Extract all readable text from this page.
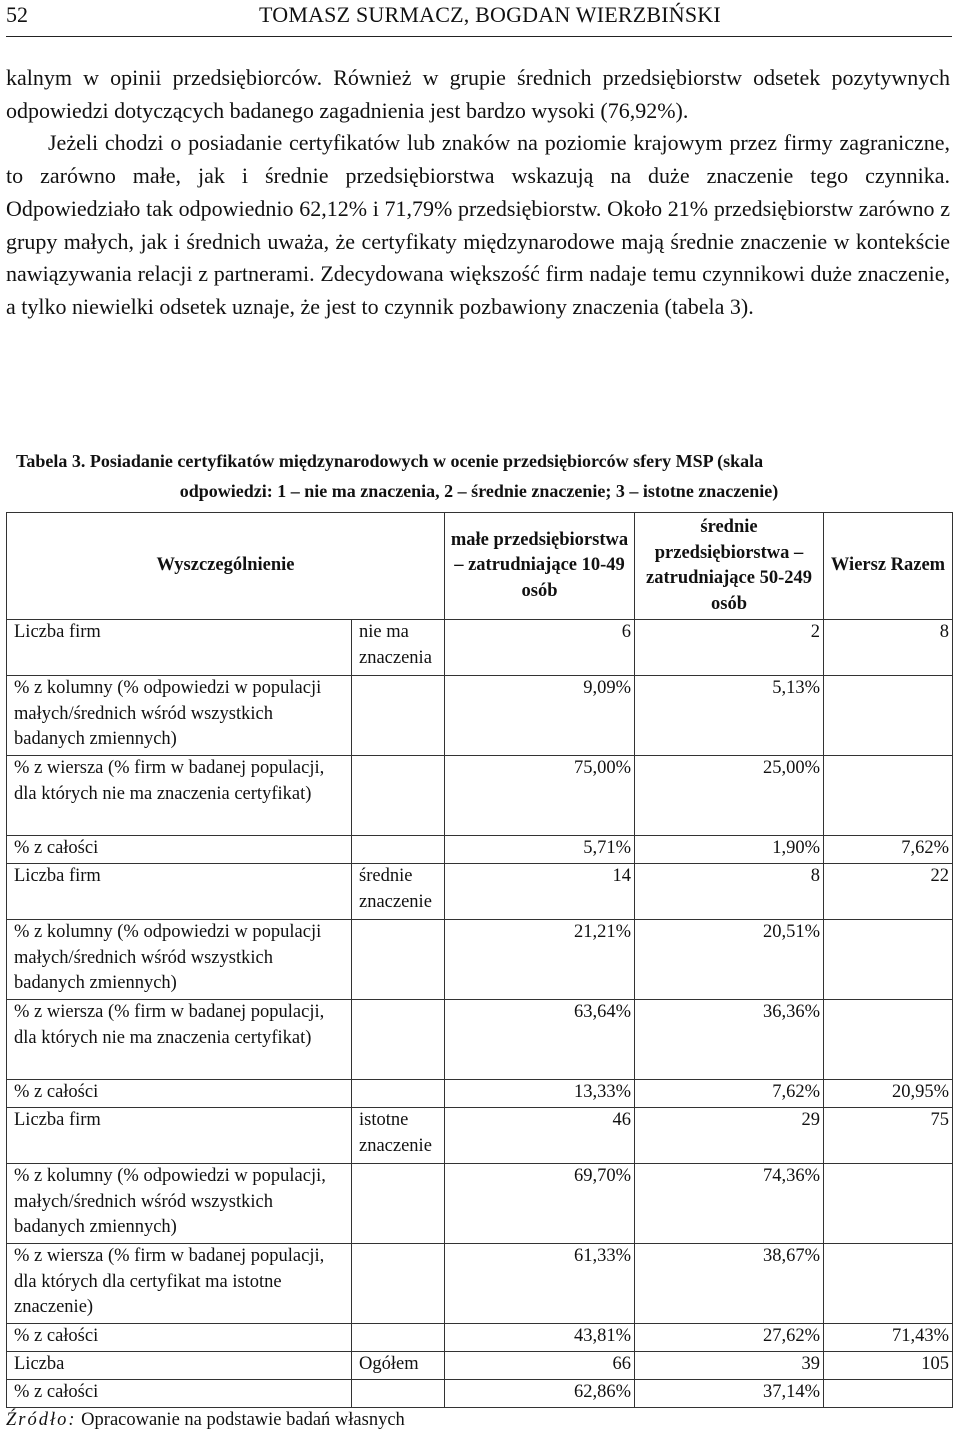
52	TOMASZ SURMACZ, BOGDAN WIERZBIŃSKI

kalnym w opinii przedsiębiorców. Również w grupie średnich przedsiębiorstw odsetek pozytywnych odpowiedzi dotyczących badanego zagadnienia jest bardzo wysoki (76,92%).

Jeżeli chodzi o posiadanie certyfikatów lub znaków na poziomie krajowym przez firmy zagraniczne, to zarówno małe, jak i średnie przedsiębiorstwa wskazują na duże znaczenie tego czynnika. Odpowiedziało tak odpowiednio 62,12% i 71,79% przedsiębiorstw. Około 21% przedsiębiorstw zarówno z grupy małych, jak i średnich uważa, że certyfikaty międzynarodowe mają średnie znaczenie w kontekście nawiązywania relacji z partnerami. Zdecydowana większość firm nadaje temu czynnikowi duże znaczenie, a tylko niewielki odsetek uznaje, że jest to czynnik pozbawiony znaczenia (tabela 3).

Tabela 3. Posiadanie certyfikatów międzynarodowych w ocenie przedsiębiorców sfery MSP (skala
odpowiedzi: 1 – nie ma znaczenia, 2 – średnie znaczenie; 3 – istotne znaczenie)
Wyszczególnienie		małe przedsiębiorstwa – zatrudniające 10-49 osób	średnie przedsiębiorstwa – zatrudniające 50-249 osób	Wiersz Razem
Liczba firm	nie ma znaczenia	6	2	8
% z kolumny (% odpowiedzi w populacji małych/średnich wśród wszystkich badanych zmiennych)		9,09%	5,13%	
% z wiersza (% firm w badanej populacji, dla których nie ma znaczenia certyfikat)		75,00%	25,00%	
% z całości		5,71%	1,90%	7,62%
Liczba firm	średnie znaczenie	14	8	22
% z kolumny (% odpowiedzi w populacji małych/średnich wśród wszystkich badanych zmiennych)		21,21%	20,51%	
% z wiersza (% firm w badanej populacji, dla których nie ma znaczenia certyfikat)		63,64%	36,36%	
% z całości		13,33%	7,62%	20,95%
Liczba firm	istotne znaczenie	46	29	75
% z kolumny (% odpowiedzi w populacji, małych/średnich wśród wszystkich badanych zmiennych)		69,70%	74,36%	
% z wiersza (% firm w badanej populacji, dla których dla certyfikat ma istotne znaczenie)		61,33%	38,67%	
% z całości		43,81%	27,62%	71,43%
Liczba	Ogółem	66	39	105
% z całości		62,86%	37,14%	
Źródło: Opracowanie na podstawie badań własnych
